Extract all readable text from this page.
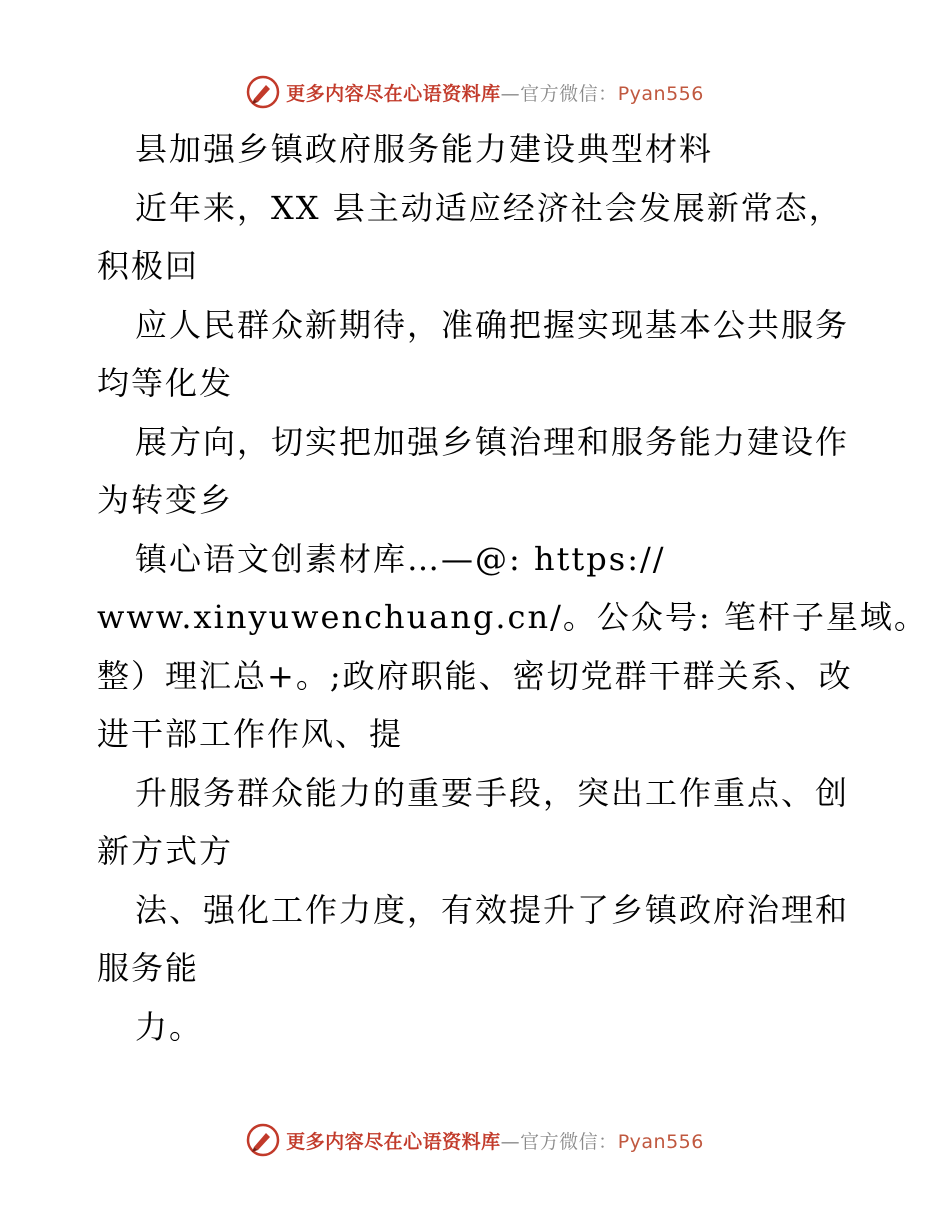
更多内容尽在心语资料库—官方微信：Pyan556
县加强乡镇政府服务能力建设典型材料
近年来，XX 县主动适应经济社会发展新常态，
积极回
应人民群众新期待，准确把握实现基本公共服务
均等化发
展方向，切实把加强乡镇治理和服务能力建设作
为转变乡
镇心语文创素材库…—@: https://
www.xinyuwenchuang.cn/。公众号: 笔杆子星域。
整）理汇总+。;政府职能、密切党群干群关系、改
进干部工作作风、提
升服务群众能力的重要手段，突出工作重点、创
新方式方
法、强化工作力度，有效提升了乡镇政府治理和
服务能
力。
更多内容尽在心语资料库—官方微信：Pyan556
